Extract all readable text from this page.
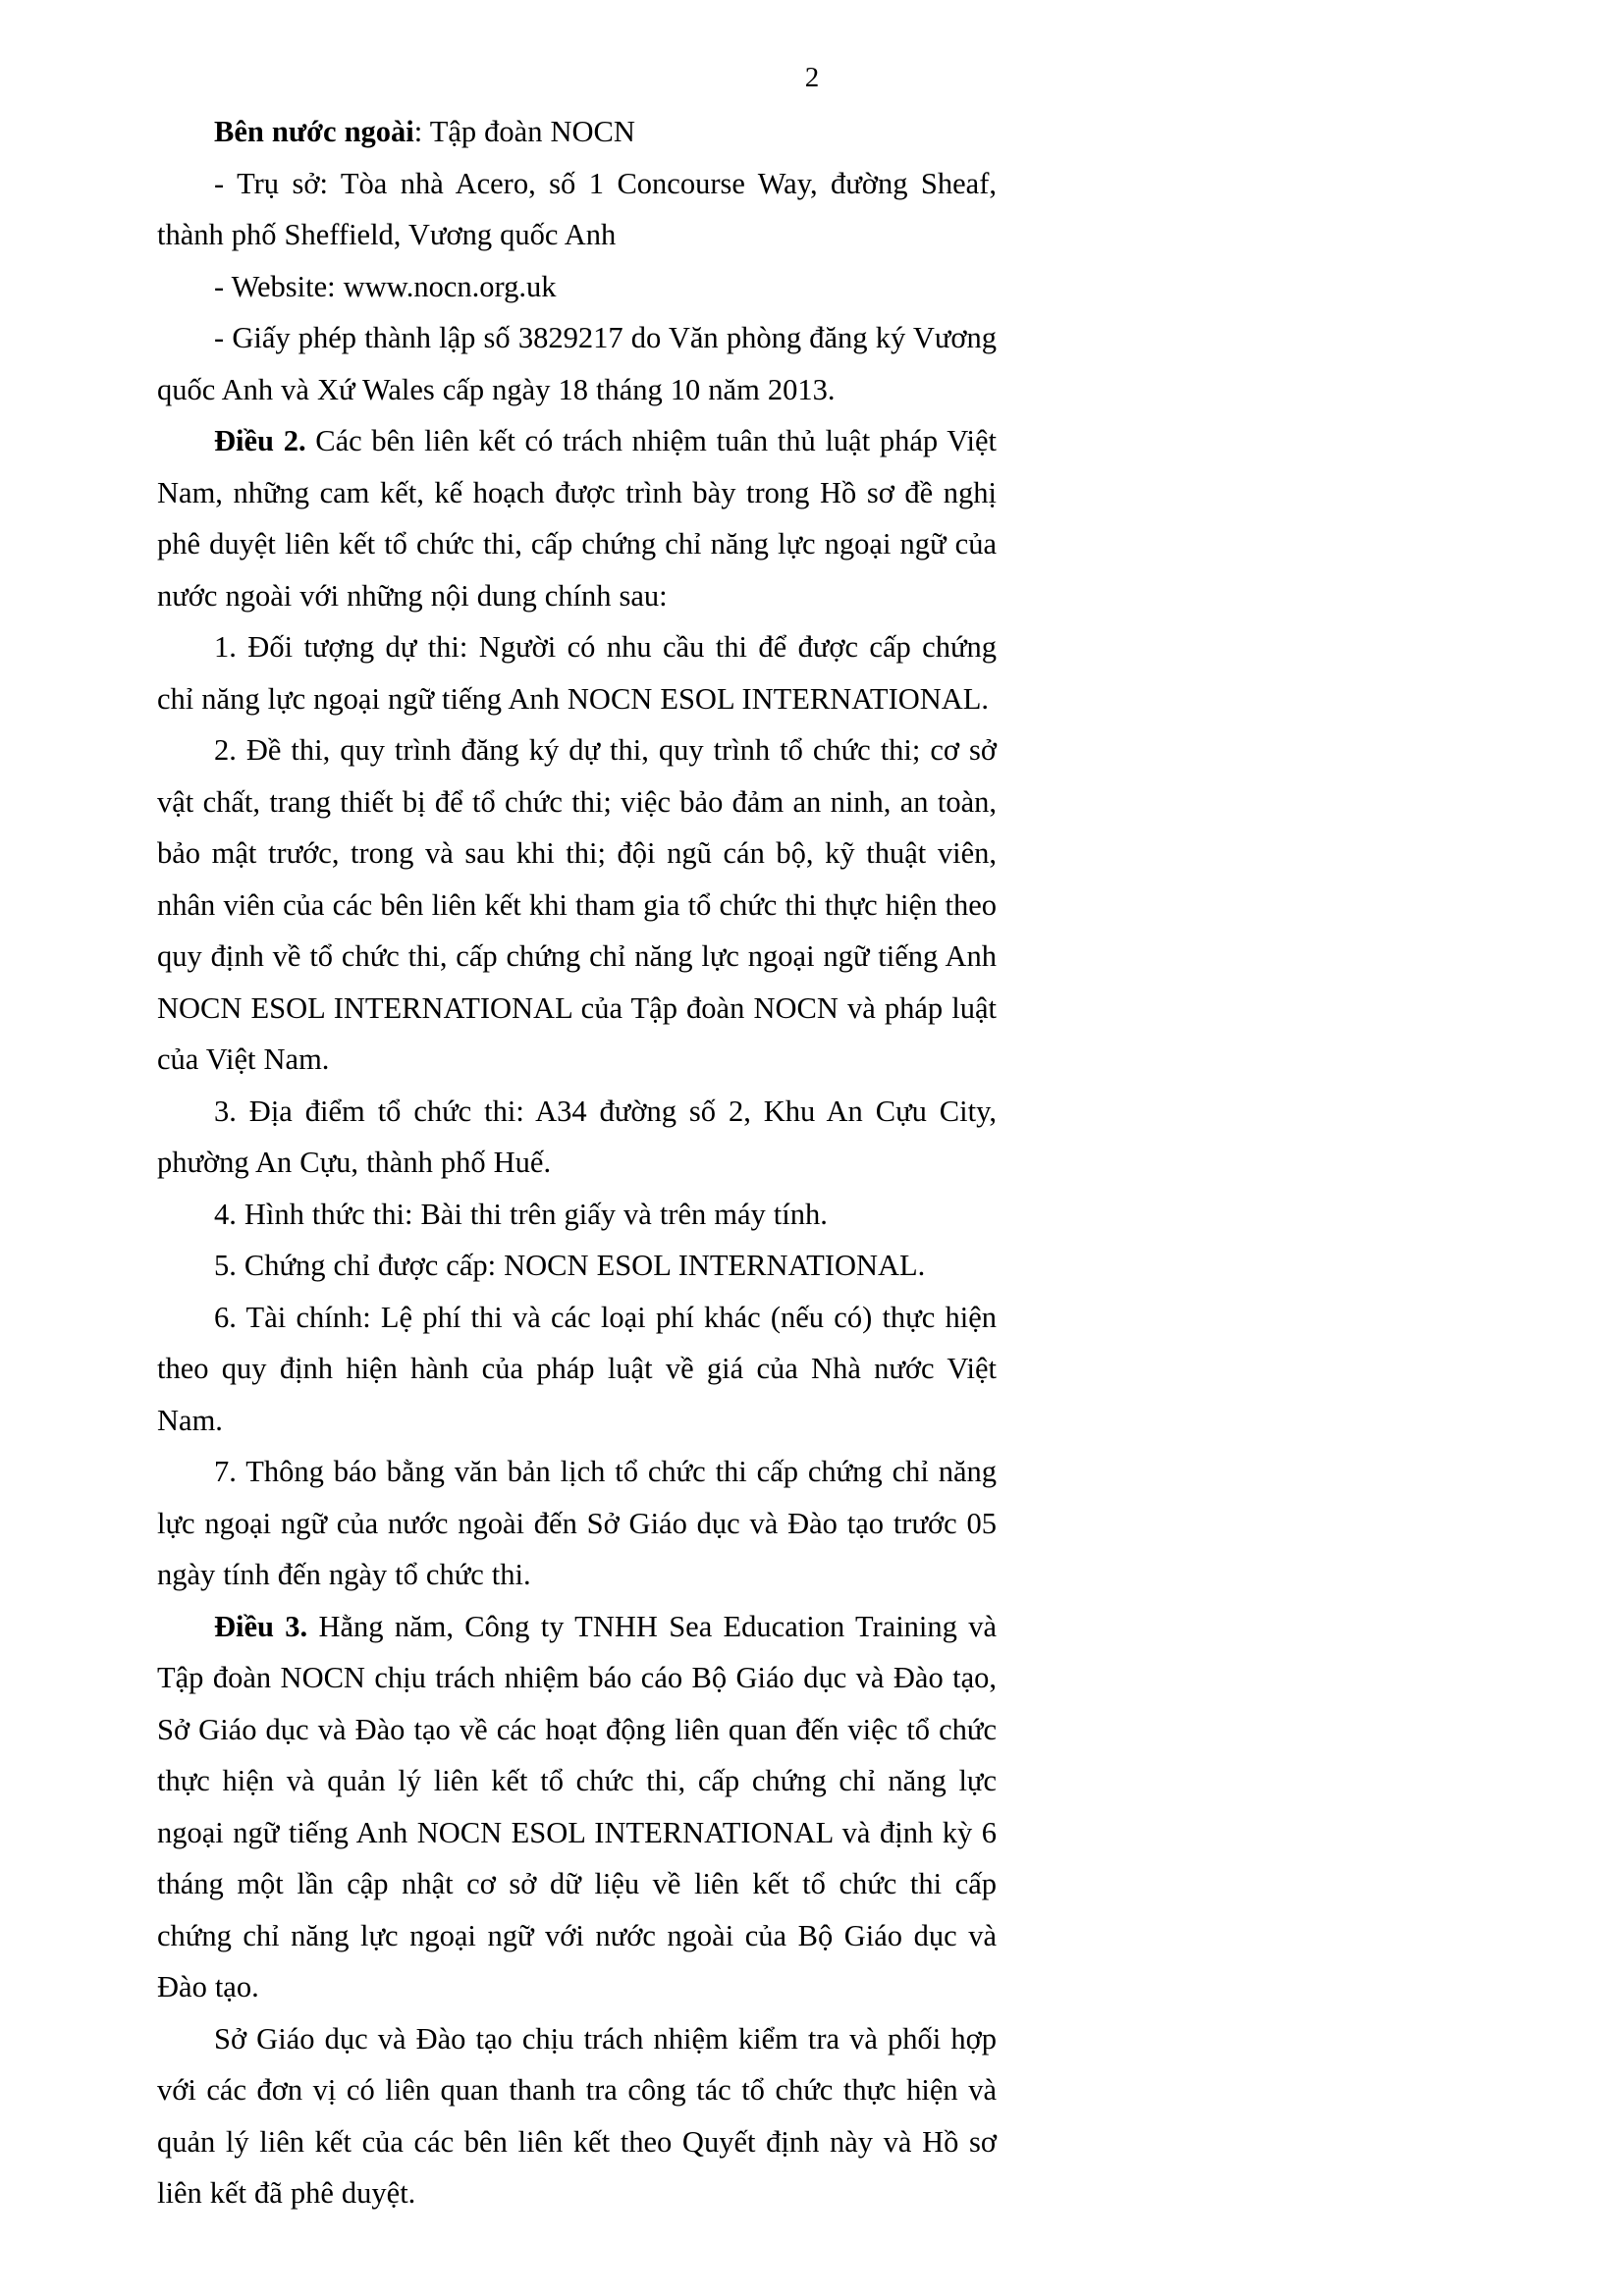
2

Bên nước ngoài: Tập đoàn NOCN

- Trụ sở: Tòa nhà Acero, số 1 Concourse Way, đường Sheaf, thành phố Sheffield, Vương quốc Anh

- Website: www.nocn.org.uk

- Giấy phép thành lập số 3829217 do Văn phòng đăng ký Vương quốc Anh và Xứ Wales cấp ngày 18 tháng 10 năm 2013.

Điều 2. Các bên liên kết có trách nhiệm tuân thủ luật pháp Việt Nam, những cam kết, kế hoạch được trình bày trong Hồ sơ đề nghị phê duyệt liên kết tổ chức thi, cấp chứng chỉ năng lực ngoại ngữ của nước ngoài với những nội dung chính sau:

1. Đối tượng dự thi: Người có nhu cầu thi để được cấp chứng chỉ năng lực ngoại ngữ tiếng Anh NOCN ESOL INTERNATIONAL.

2. Đề thi, quy trình đăng ký dự thi, quy trình tổ chức thi; cơ sở vật chất, trang thiết bị để tổ chức thi; việc bảo đảm an ninh, an toàn, bảo mật trước, trong và sau khi thi; đội ngũ cán bộ, kỹ thuật viên, nhân viên của các bên liên kết khi tham gia tổ chức thi thực hiện theo quy định về tổ chức thi, cấp chứng chỉ năng lực ngoại ngữ tiếng Anh NOCN ESOL INTERNATIONAL của Tập đoàn NOCN và pháp luật của Việt Nam.

3. Địa điểm tổ chức thi: A34 đường số 2, Khu An Cựu City, phường An Cựu, thành phố Huế.

4. Hình thức thi: Bài thi trên giấy và trên máy tính.

5. Chứng chỉ được cấp: NOCN ESOL INTERNATIONAL.

6. Tài chính: Lệ phí thi và các loại phí khác (nếu có) thực hiện theo quy định hiện hành của pháp luật về giá của Nhà nước Việt Nam.

7. Thông báo bằng văn bản lịch tổ chức thi cấp chứng chỉ năng lực ngoại ngữ của nước ngoài đến Sở Giáo dục và Đào tạo trước 05 ngày tính đến ngày tổ chức thi.

Điều 3. Hằng năm, Công ty TNHH Sea Education Training và Tập đoàn NOCN chịu trách nhiệm báo cáo Bộ Giáo dục và Đào tạo, Sở Giáo dục và Đào tạo về các hoạt động liên quan đến việc tổ chức thực hiện và quản lý liên kết tổ chức thi, cấp chứng chỉ năng lực ngoại ngữ tiếng Anh NOCN ESOL INTERNATIONAL và định kỳ 6 tháng một lần cập nhật cơ sở dữ liệu về liên kết tổ chức thi cấp chứng chỉ năng lực ngoại ngữ với nước ngoài của Bộ Giáo dục và Đào tạo.

Sở Giáo dục và Đào tạo chịu trách nhiệm kiểm tra và phối hợp với các đơn vị có liên quan thanh tra công tác tổ chức thực hiện và quản lý liên kết của các bên liên kết theo Quyết định này và Hồ sơ liên kết đã phê duyệt.
